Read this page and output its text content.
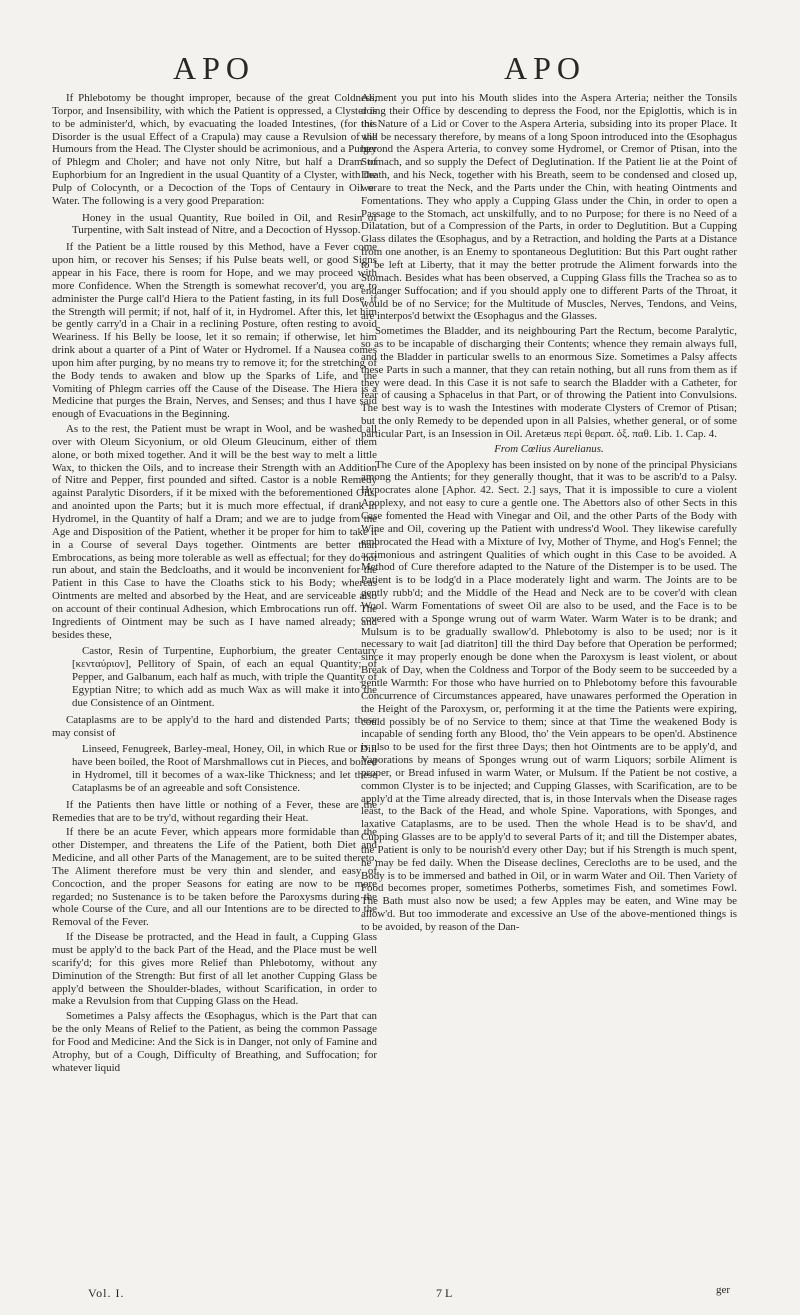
APO	APO

If Phlebotomy be thought improper, because of the great Coldness, Torpor, and Insensibility, with which the Patient is oppressed, a Clyster is to be administer'd, which, by evacuating the loaded Intestines, (for this Disorder is the usual Effect of a Crapula) may cause a Revulsion of the Humours from the Head. The Clyster should be acrimonious, and a Purger of Phlegm and Choler; and have not only Nitre, but half a Dram of Euphorbium for an Ingredient in the usual Quantity of a Clyster, with the Pulp of Colocynth, or a Decoction of the Tops of Centaury in Oil or Water. The following is a very good Preparation:

Honey in the usual Quantity, Rue boiled in Oil, and Resin of Turpentine, with Salt instead of Nitre, and a Decoction of Hyssop.

If the Patient be a little roused by this Method, have a Fever come upon him, or recover his Senses; if his Pulse beats well, or good Signs appear in his Face, there is room for Hope, and we may proceed with more Confidence. When the Strength is somewhat recover'd, you are to administer the Purge call'd Hiera to the Patient fasting, in its full Dose, if the Strength will permit; if not, half of it, in Hydromel. After this, let him be gently carry'd in a Chair in a reclining Posture, often resting to avoid Weariness. If his Belly be loose, let it so remain; if otherwise, let him drink about a quarter of a Pint of Water or Hydromel. If a Nausea comes upon him after purging, by no means try to remove it; for the stretching of the Body tends to awaken and blow up the Sparks of Life, and the Vomiting of Phlegm carries off the Cause of the Disease. The Hiera is a Medicine that purges the Brain, Nerves, and Senses; and thus I have said enough of Evacuations in the Beginning.

As to the rest, the Patient must be wrapt in Wool, and be washed all over with Oleum Sicyonium, or old Oleum Gleucinum, either of them alone, or both mixed together. And it will be the best way to melt a little Wax, to thicken the Oils, and to increase their Strength with an Addition of Nitre and Pepper, first pounded and sifted. Castor is a noble Remedy against Paralytic Disorders, if it be mixed with the beforementioned Oils, and anointed upon the Parts; but it is much more effectual, if drank in Hydromel, in the Quantity of half a Dram; and we are to judge from the Age and Disposition of the Patient, whether it be proper for him to take it in a Course of several Days together. Ointments are better than Embrocations, as being more tolerable as well as effectual; for they do not run about, and stain the Bedcloaths, and it would be inconvenient for the Patient in this Case to have the Cloaths stick to his Body; whereas Ointments are melted and absorbed by the Heat, and are serviceable also on account of their continual Adhesion, which Embrocations run off. The Ingredients of Ointment may be such as I have named already; and besides these,

Castor, Resin of Turpentine, Euphorbium, the greater Centaury [κενταύριον], Pellitory of Spain, of each an equal Quantity; of Pepper, and Galbanum, each half as much, with triple the Quantity of Egyptian Nitre; to which add as much Wax as will make it into the due Consistence of an Ointment.

Cataplasms are to be apply'd to the hard and distended Parts; these may consist of

Linseed, Fenugreek, Barley-meal, Honey, Oil, in which Rue or Dill have been boiled, the Root of Marshmallows cut in Pieces, and boiled in Hydromel, till it becomes of a wax-like Thickness; and let these Cataplasms be of an agreeable and soft Consistence.

If the Patients then have little or nothing of a Fever, these are the Remedies that are to be try'd, without regarding their Heat.

If there be an acute Fever, which appears more formidable than the other Distemper, and threatens the Life of the Patient, both Diet and Medicine, and all other Parts of the Management, are to be suited thereto. The Aliment therefore must be very thin and slender, and easy of Concoction, and the proper Seasons for eating are now to be more regarded; no Sustenance is to be taken before the Paroxysms during the whole Course of the Cure, and all our Intentions are to be directed to the Removal of the Fever.

If the Disease be protracted, and the Head in fault, a Cupping Glass must be apply'd to the back Part of the Head, and the Place must be well scarify'd; for this gives more Relief than Phlebotomy, without any Diminution of the Strength: But first of all let another Cupping Glass be apply'd between the Shoulder-blades, without Scarification, in order to make a Revulsion from that Cupping Glass on the Head.

Sometimes a Palsy affects the Œsophagus, which is the Part that can be the only Means of Relief to the Patient, as being the common Passage for Food and Medicine: And the Sick is in Danger, not only of Famine and Atrophy, but of a Cough, Difficulty of Breathing, and Suffocation; for whatever liquid

Aliment you put into his Mouth slides into the Aspera Arteria; neither the Tonsils doing their Office by descending to depress the Food, nor the Epiglottis, which is in the Nature of a Lid or Cover to the Aspera Arteria, subsiding into its proper Place. It will be necessary therefore, by means of a long Spoon introduced into the Œsophagus beyond the Aspera Arteria, to convey some Hydromel, or Cremor of Ptisan, into the Stomach, and so supply the Defect of Deglutination. If the Patient lie at the Point of Death, and his Neck, together with his Breath, seem to be condensed and closed up, we are to treat the Neck, and the Parts under the Chin, with heating Ointments and Fomentations. They who apply a Cupping Glass under the Chin, in order to open a Passage to the Stomach, act unskilfully, and to no Purpose; for there is no Need of a Dilatation, but of a Compression of the Parts, in order to Deglutition. But a Cupping Glass dilates the Œsophagus, and by a Retraction, and holding the Parts at a Distance from one another, is an Enemy to spontaneous Deglutition: But this Part ought rather to be left at Liberty, that it may the better protrude the Aliment forwards into the Stomach. Besides what has been observed, a Cupping Glass fills the Trachea so as to endanger Suffocation; and if you should apply one to different Parts of the Throat, it would be of no Service; for the Multitude of Muscles, Nerves, Tendons, and Veins, are interpos'd betwixt the Œsophagus and the Glasses.

Sometimes the Bladder, and its neighbouring Part the Rectum, become Paralytic, so as to be incapable of discharging their Contents; whence they remain always full, and the Bladder in particular swells to an enormous Size. Sometimes a Palsy affects these Parts in such a manner, that they can retain nothing, but all runs from them as if they were dead. In this Case it is not safe to search the Bladder with a Catheter, for fear of causing a Sphacelus in that Part, or of throwing the Patient into Convulsions. The best way is to wash the Intestines with moderate Clysters of Cremor of Ptisan; but the only Remedy to be depended upon in all Palsies, whether general, or of some particular Part, is an Insession in Oil. Aretæus περὶ θεραπ. ὀξ. παθ. Lib. 1. Cap. 4.

From Cœlius Aurelianus.

The Cure of the Apoplexy has been insisted on by none of the principal Physicians among the Antients; for they generally thought, that it was to be ascrib'd to a Palsy. Hypocrates alone [Aphor. 42. Sect. 2.] says, That it is impossible to cure a violent Apoplexy, and not easy to cure a gentle one. The Abettors also of other Sects in this Case fomented the Head with Vinegar and Oil, and the other Parts of the Body with Wine and Oil, covering up the Patient with undress'd Wool. They likewise carefully embrocated the Head with a Mixture of Ivy, Mother of Thyme, and Hog's Fennel; the acrimonious and astringent Qualities of which ought in this Case to be avoided. A Method of Cure therefore adapted to the Nature of the Distemper is to be used. The Patient is to be lodg'd in a Place moderately light and warm. The Joints are to be gently rubb'd; and the Middle of the Head and Neck are to be cover'd with clean Wool. Warm Fomentations of sweet Oil are also to be used, and the Face is to be covered with a Sponge wrung out of warm Water. Warm Water is to be drank; and Mulsum is to be gradually swallow'd. Phlebotomy is also to be used; nor is it necessary to wait [ad diatriton] till the third Day before that Operation be performed; since it may properly enough be done when the Paroxysm is least violent, or about Break of Day, when the Coldness and Torpor of the Body seem to be succeeded by a gentle Warmth: For those who have hurried on to Phlebotomy before this favourable Concurrence of Circumstances appeared, have unawares performed the Operation in the Height of the Paroxysm, or, performing it at the time the Patients were expiring, could possibly be of no Service to them; since at that Time the weakened Body is incapable of sending forth any Blood, tho' the Vein appears to be open'd. Abstinence is also to be used for the first three Days; then hot Ointments are to be apply'd, and Vaporations by means of Sponges wrung out of warm Liquors; sorbile Aliment is proper, or Bread infused in warm Water, or Mulsum. If the Patient be not costive, a common Clyster is to be injected; and Cupping Glasses, with Scarification, are to be apply'd at the Time already directed, that is, in those Intervals when the Disease rages least, to the Back of the Head, and whole Spine. Vaporations, with Sponges, and laxative Cataplasms, are to be used. Then the whole Head is to be shav'd, and Cupping Glasses are to be apply'd to several Parts of it; and till the Distemper abates, the Patient is only to be nourish'd every other Day; but if his Strength is much spent, he may be fed daily. When the Disease declines, Cerecloths are to be used, and the Body is to be immersed and bathed in Oil, or in warm Water and Oil. Then Variety of Food becomes proper, sometimes Potherbs, sometimes Fish, and sometimes Fowl. The Bath must also now be used; a few Apples may be eaten, and Wine may be allow'd. But too immoderate and excessive an Use of the above-mentioned things is to be avoided, by reason of the Dan-

Vol. I.	7 L	ger
